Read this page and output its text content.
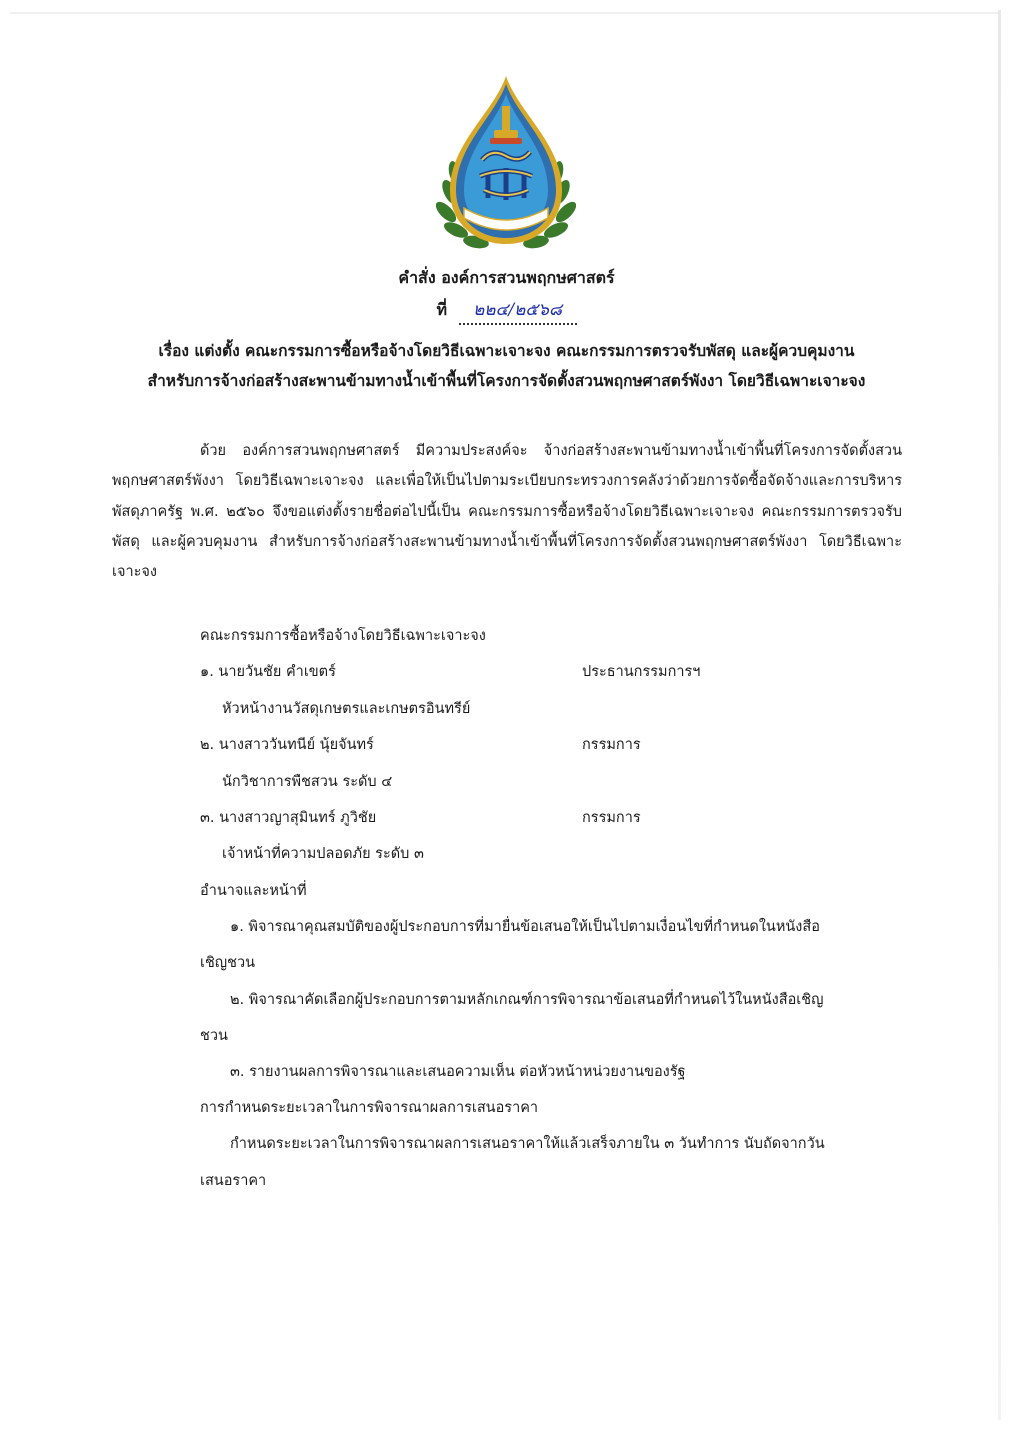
คำสั่ง องค์การสวนพฤกษศาสตร์
ที่ ๒๒๔/๒๕๖๘
เรื่อง แต่งตั้ง คณะกรรมการซื้อหรือจ้างโดยวิธีเฉพาะเจาะจง คณะกรรมการตรวจรับพัสดุ และผู้ควบคุมงาน
สำหรับการจ้างก่อสร้างสะพานข้ามทางน้ำเข้าพื้นที่โครงการจัดตั้งสวนพฤกษศาสตร์พังงา โดยวิธีเฉพาะเจาะจง

ด้วย องค์การสวนพฤกษศาสตร์ มีความประสงค์จะ จ้างก่อสร้างสะพานข้ามทางน้ำเข้าพื้นที่โครงการจัดตั้งสวนพฤกษศาสตร์พังงา โดยวิธีเฉพาะเจาะจง และเพื่อให้เป็นไปตามระเบียบกระทรวงการคลังว่าด้วยการจัดซื้อจัดจ้างและการบริหารพัสดุภาครัฐ พ.ศ. ๒๕๖๐ จึงขอแต่งตั้งรายชื่อต่อไปนี้เป็น คณะกรรมการซื้อหรือจ้างโดยวิธีเฉพาะเจาะจง คณะกรรมการตรวจรับพัสดุ และผู้ควบคุมงาน สำหรับการจ้างก่อสร้างสะพานข้ามทางน้ำเข้าพื้นที่โครงการจัดตั้งสวนพฤกษศาสตร์พังงา โดยวิธีเฉพาะเจาะจง

คณะกรรมการซื้อหรือจ้างโดยวิธีเฉพาะเจาะจง
๑. นายวันชัย คำเขตร์	ประธานกรรมการฯ
หัวหน้างานวัสดุเกษตรและเกษตรอินทรีย์
๒. นางสาววันทนีย์ นุ้ยจันทร์	กรรมการ
นักวิชาการพืชสวน ระดับ ๔
๓. นางสาวญาสุมินทร์ ภูวิชัย	กรรมการ
เจ้าหน้าที่ความปลอดภัย ระดับ ๓
อำนาจและหน้าที่

๑. พิจารณาคุณสมบัติของผู้ประกอบการที่มายื่นข้อเสนอให้เป็นไปตามเงื่อนไขที่กำหนดในหนังสือ

เชิญชวน

๒. พิจารณาคัดเลือกผู้ประกอบการตามหลักเกณฑ์การพิจารณาข้อเสนอที่กำหนดไว้ในหนังสือเชิญ

ชวน

๓. รายงานผลการพิจารณาและเสนอความเห็น ต่อหัวหน้าหน่วยงานของรัฐ

การกำหนดระยะเวลาในการพิจารณาผลการเสนอราคา

กำหนดระยะเวลาในการพิจารณาผลการเสนอราคาให้แล้วเสร็จภายใน ๓ วันทำการ นับถัดจากวัน

เสนอราคา
